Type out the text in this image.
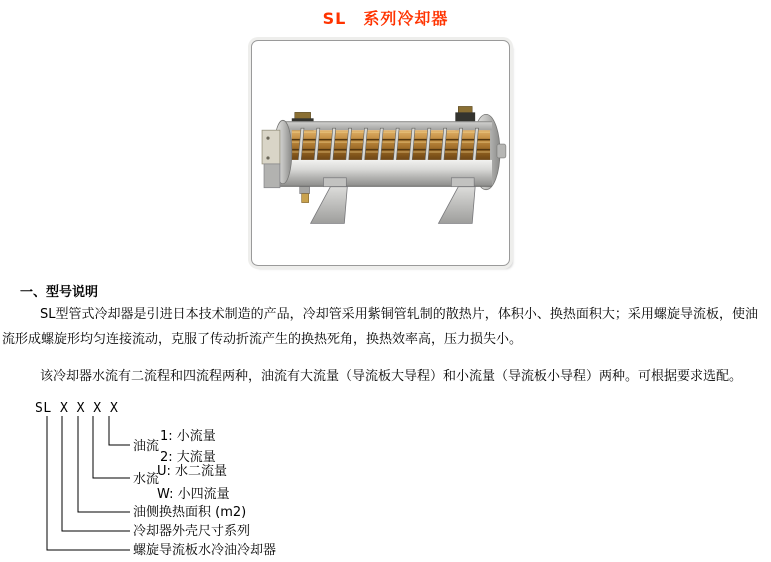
SL　系列冷却器
一、型号说明

SL型管式冷却器是引进日本技术制造的产品，冷却管采用紫铜管轧制的散热片，体积小、换热面积大；采用螺旋导流板，使油流形成螺旋形均匀连接流动，克服了传动折流产生的换热死角，换热效率高，压力损失小。

该冷却器水流有二流程和四流程两种，油流有大流量（导流板大导程）和小流量（导流板小导程）两种。可根据要求选配。

SL X X X X
油流
1: 小流量
2: 大流量
水流
U: 水二流量
W: 小四流量
油侧换热面积 (m2)
冷却器外壳尺寸系列
螺旋导流板水冷油冷却器
